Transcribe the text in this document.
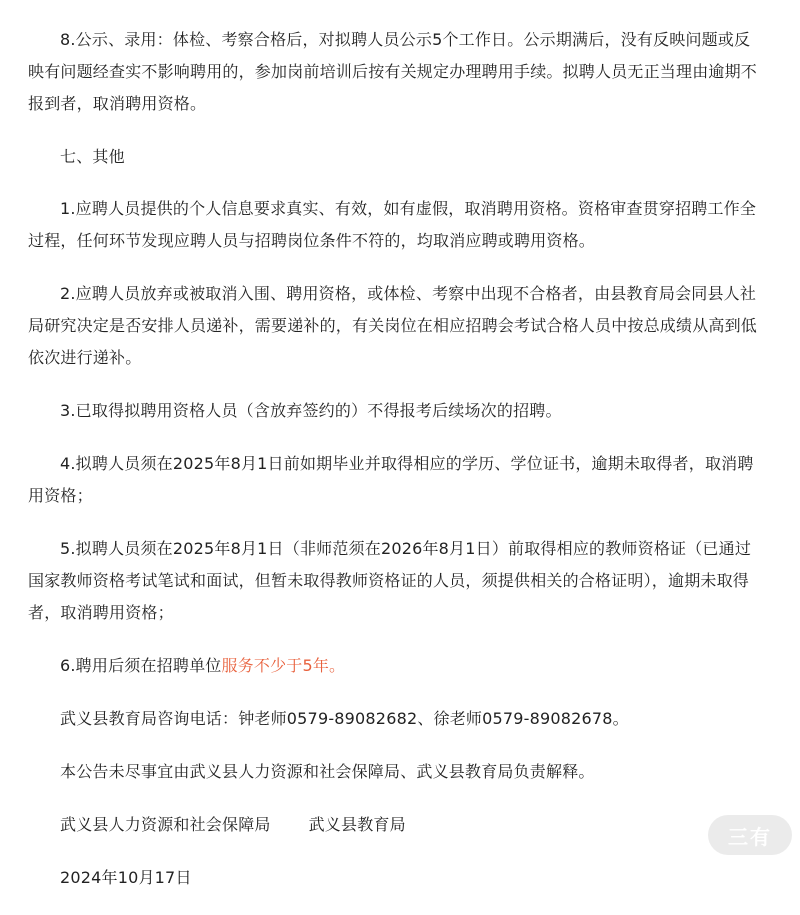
8.公示、录用：体检、考察合格后，对拟聘人员公示5个工作日。公示期满后，没有反映问题或反映有问题经查实不影响聘用的，参加岗前培训后按有关规定办理聘用手续。拟聘人员无正当理由逾期不报到者，取消聘用资格。

七、其他

1.应聘人员提供的个人信息要求真实、有效，如有虚假，取消聘用资格。资格审查贯穿招聘工作全过程，任何环节发现应聘人员与招聘岗位条件不符的，均取消应聘或聘用资格。

2.应聘人员放弃或被取消入围、聘用资格，或体检、考察中出现不合格者，由县教育局会同县人社局研究决定是否安排人员递补，需要递补的，有关岗位在相应招聘会考试合格人员中按总成绩从高到低依次进行递补。

3.已取得拟聘用资格人员（含放弃签约的）不得报考后续场次的招聘。

4.拟聘人员须在2025年8月1日前如期毕业并取得相应的学历、学位证书，逾期未取得者，取消聘用资格；

5.拟聘人员须在2025年8月1日（非师范须在2026年8月1日）前取得相应的教师资格证（已通过国家教师资格考试笔试和面试，但暂未取得教师资格证的人员，须提供相关的合格证明），逾期未取得者，取消聘用资格；

6.聘用后须在招聘单位服务不少于5年。

武义县教育局咨询电话：钟老师0579-89082682、徐老师0579-89082678。

本公告未尽事宜由武义县人力资源和社会保障局、武义县教育局负责解释。

武义县人力资源和社会保障局 武义县教育局

2024年10月17日

三有
